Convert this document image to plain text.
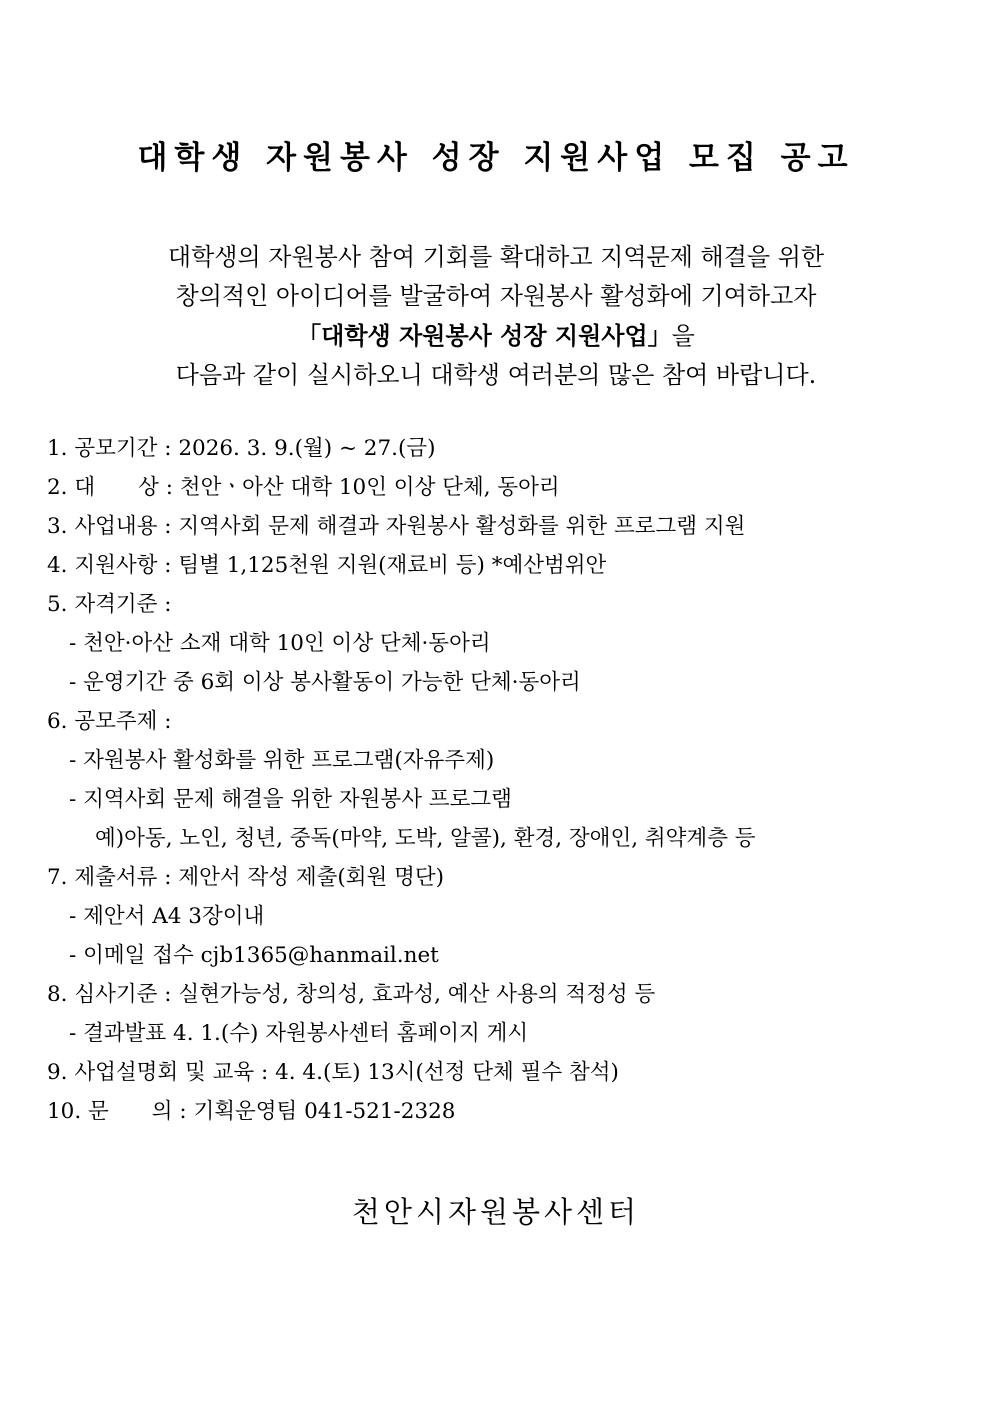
대학생 자원봉사 성장 지원사업 모집 공고
대학생의 자원봉사 참여 기회를 확대하고 지역문제 해결을 위한
창의적인 아이디어를 발굴하여 자원봉사 활성화에 기여하고자
「대학생 자원봉사 성장 지원사업」을
다음과 같이 실시하오니 대학생 여러분의 많은 참여 바랍니다.
1. 공모기간 : 2026. 3. 9.(월) ~ 27.(금)
2. 대　　상 : 천안ㆍ아산 대학 10인 이상 단체, 동아리
3. 사업내용 : 지역사회 문제 해결과 자원봉사 활성화를 위한 프로그램 지원
4. 지원사항 : 팀별 1,125천원 지원(재료비 등) *예산범위안
5. 자격기준 :
- 천안·아산 소재 대학 10인 이상 단체·동아리
- 운영기간 중 6회 이상 봉사활동이 가능한 단체·동아리
6. 공모주제 :
- 자원봉사 활성화를 위한 프로그램(자유주제)
- 지역사회 문제 해결을 위한 자원봉사 프로그램
예)아동, 노인, 청년, 중독(마약, 도박, 알콜), 환경, 장애인, 취약계층 등
7. 제출서류 : 제안서 작성 제출(회원 명단)
- 제안서 A4 3장이내
- 이메일 접수 cjb1365@hanmail.net
8. 심사기준 : 실현가능성, 창의성, 효과성, 예산 사용의 적정성 등
- 결과발표 4. 1.(수) 자원봉사센터 홈페이지 게시
9. 사업설명회 및 교육 : 4. 4.(토) 13시(선정 단체 필수 참석)
10. 문　　의 : 기획운영팀 041-521-2328
천안시자원봉사센터
